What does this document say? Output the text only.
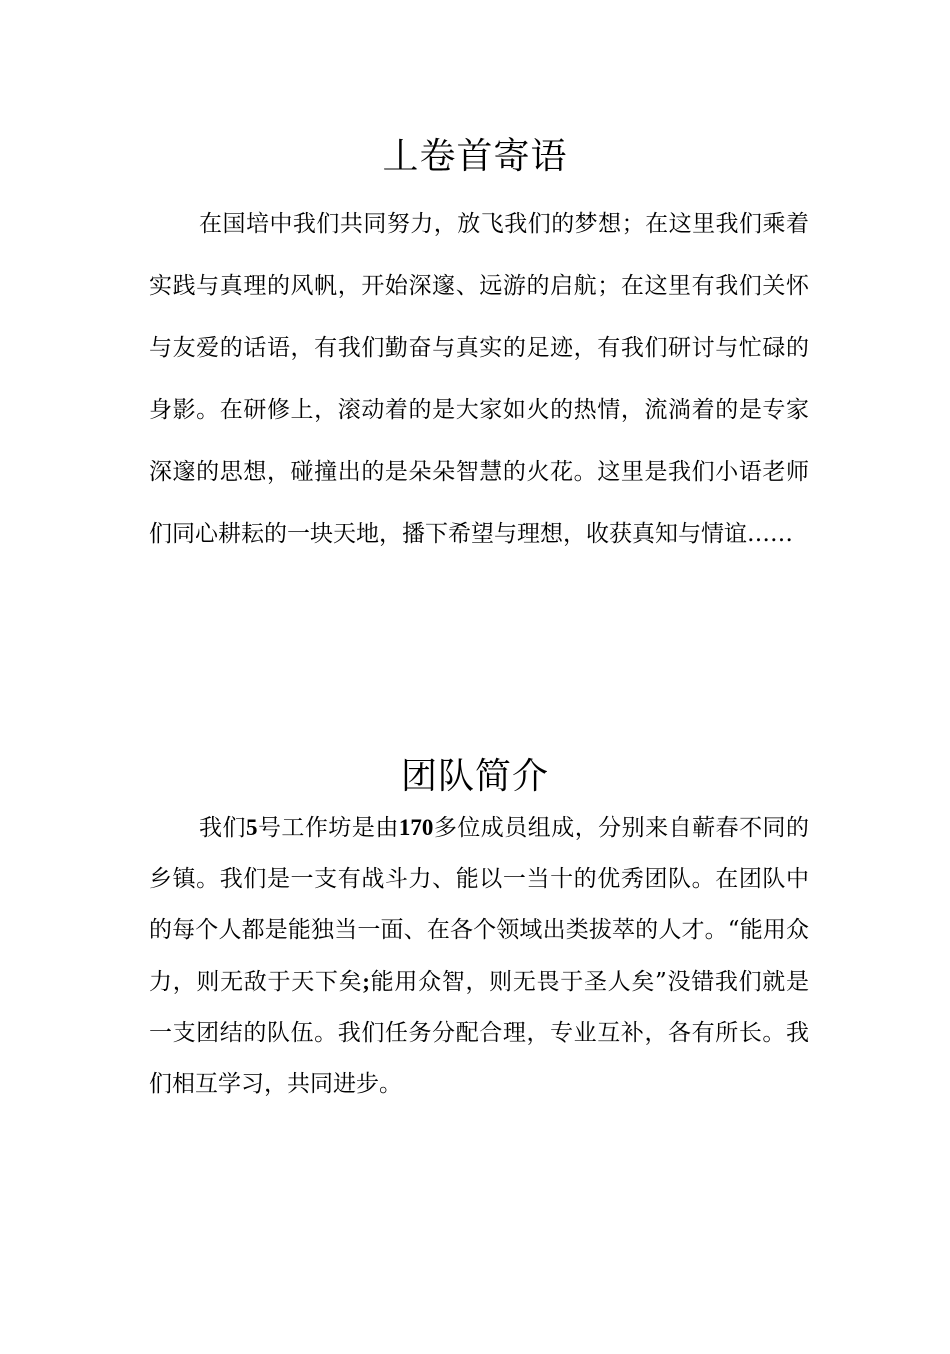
丄卷首寄语

在国培中我们共同努力，放飞我们的梦想；在这里我们乘着实践与真理的风帆，开始深邃、远游的启航；在这里有我们关怀与友爱的话语，有我们勤奋与真实的足迹，有我们研讨与忙碌的身影。在研修上，滚动着的是大家如火的热情，流淌着的是专家深邃的思想，碰撞出的是朵朵智慧的火花。这里是我们小语老师们同心耕耘的一块天地，播下希望与理想，收获真知与情谊……

团队简介

我们5号工作坊是由170多位成员组成，分别来自蕲春不同的乡镇。我们是一支有战斗力、能以一当十的优秀团队。在团队中的每个人都是能独当一面、在各个领域出类拔萃的人才。“能用众力，则无敌于天下矣;能用众智，则无畏于圣人矣”没错我们就是一支团结的队伍。我们任务分配合理，专业互补，各有所长。我们相互学习，共同进步。
